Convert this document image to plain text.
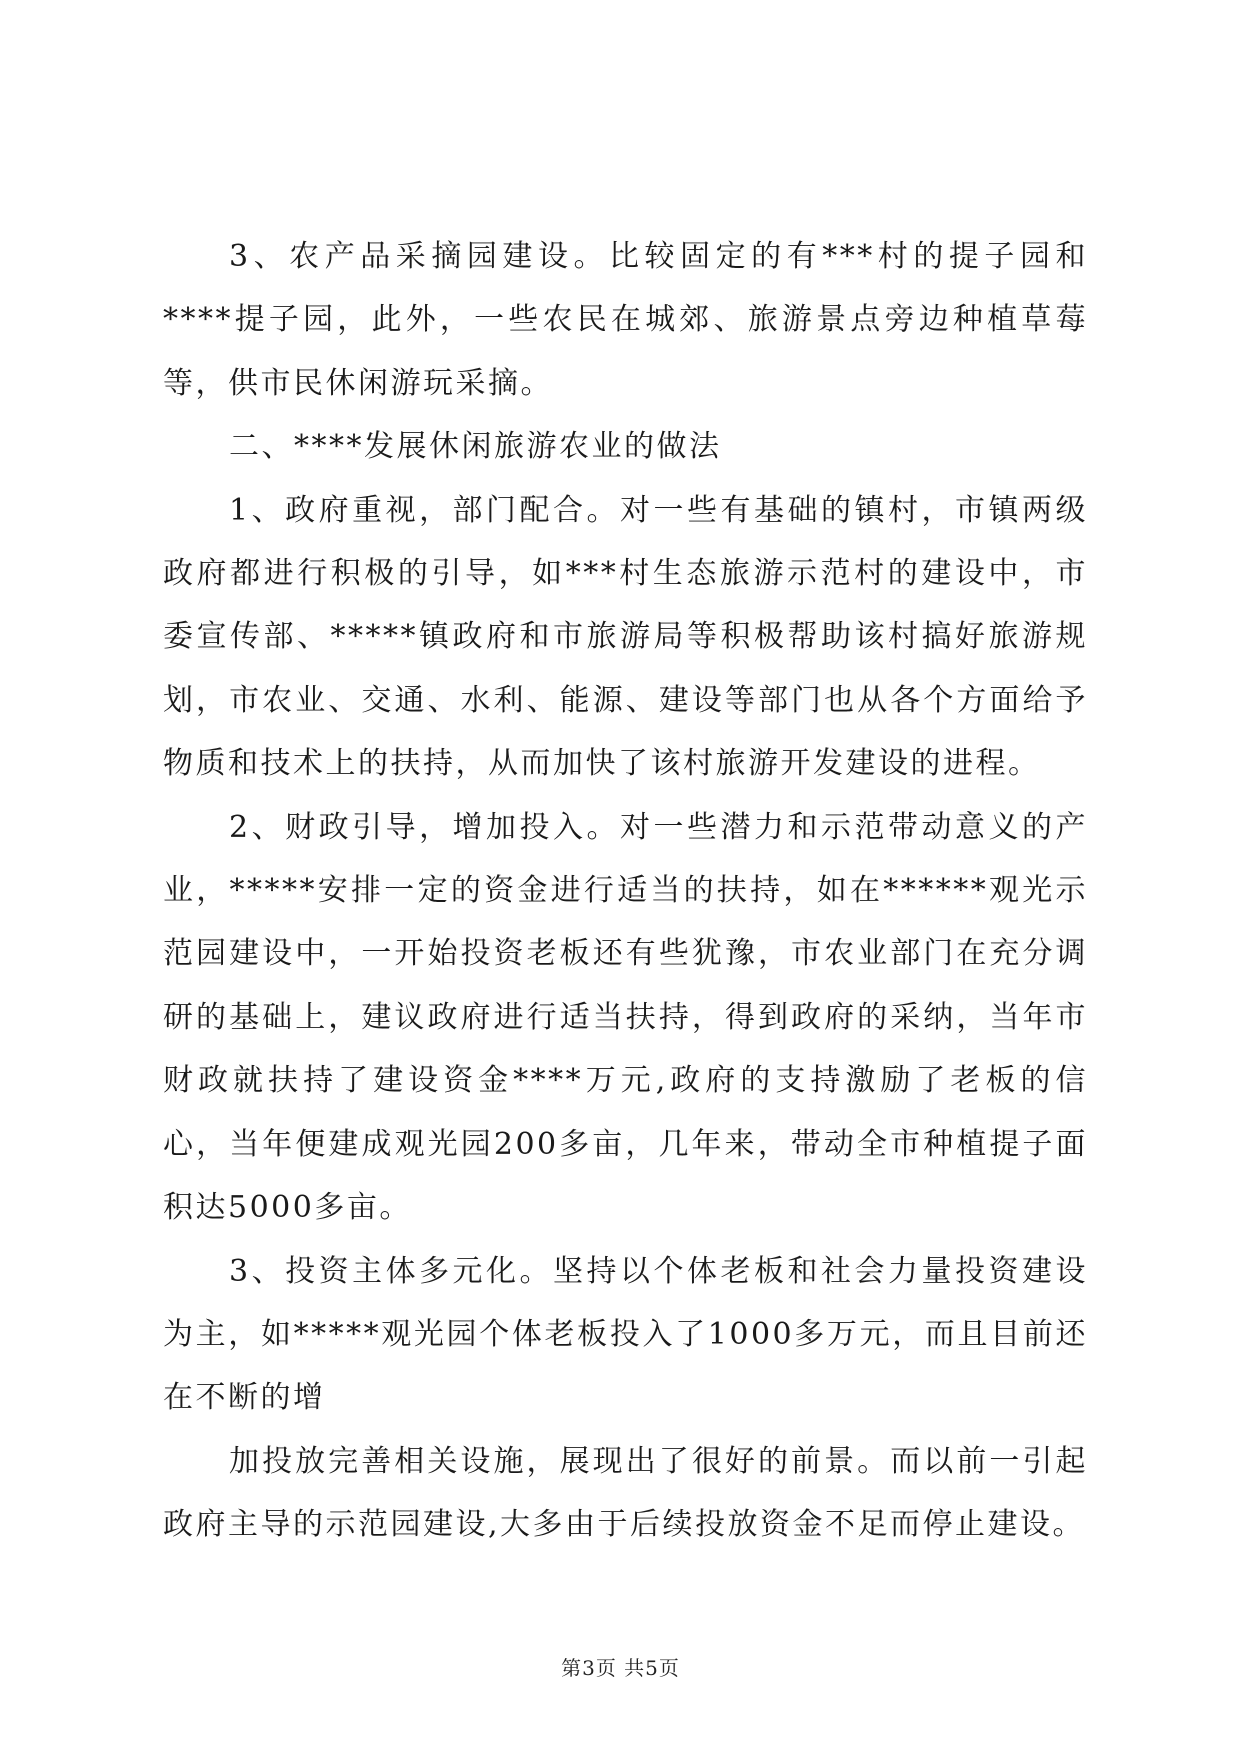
3、农产品采摘园建设。比较固定的有***村的提子园和****提子园，此外，一些农民在城郊、旅游景点旁边种植草莓等，供市民休闲游玩采摘。

二、****发展休闲旅游农业的做法

1、政府重视，部门配合。对一些有基础的镇村，市镇两级政府都进行积极的引导，如***村生态旅游示范村的建设中，市委宣传部、*****镇政府和市旅游局等积极帮助该村搞好旅游规划，市农业、交通、水利、能源、建设等部门也从各个方面给予物质和技术上的扶持，从而加快了该村旅游开发建设的进程。

2、财政引导，增加投入。对一些潜力和示范带动意义的产业，*****安排一定的资金进行适当的扶持，如在******观光示范园建设中，一开始投资老板还有些犹豫，市农业部门在充分调研的基础上，建议政府进行适当扶持，得到政府的采纳，当年市财政就扶持了建设资金****万元,政府的支持激励了老板的信心，当年便建成观光园200多亩，几年来，带动全市种植提子面积达5000多亩。

3、投资主体多元化。坚持以个体老板和社会力量投资建设为主，如*****观光园个体老板投入了1000多万元，而且目前还在不断的增

加投放完善相关设施，展现出了很好的前景。而以前一引起政府主导的示范园建设,大多由于后续投放资金不足而停止建设。

第3页 共5页
